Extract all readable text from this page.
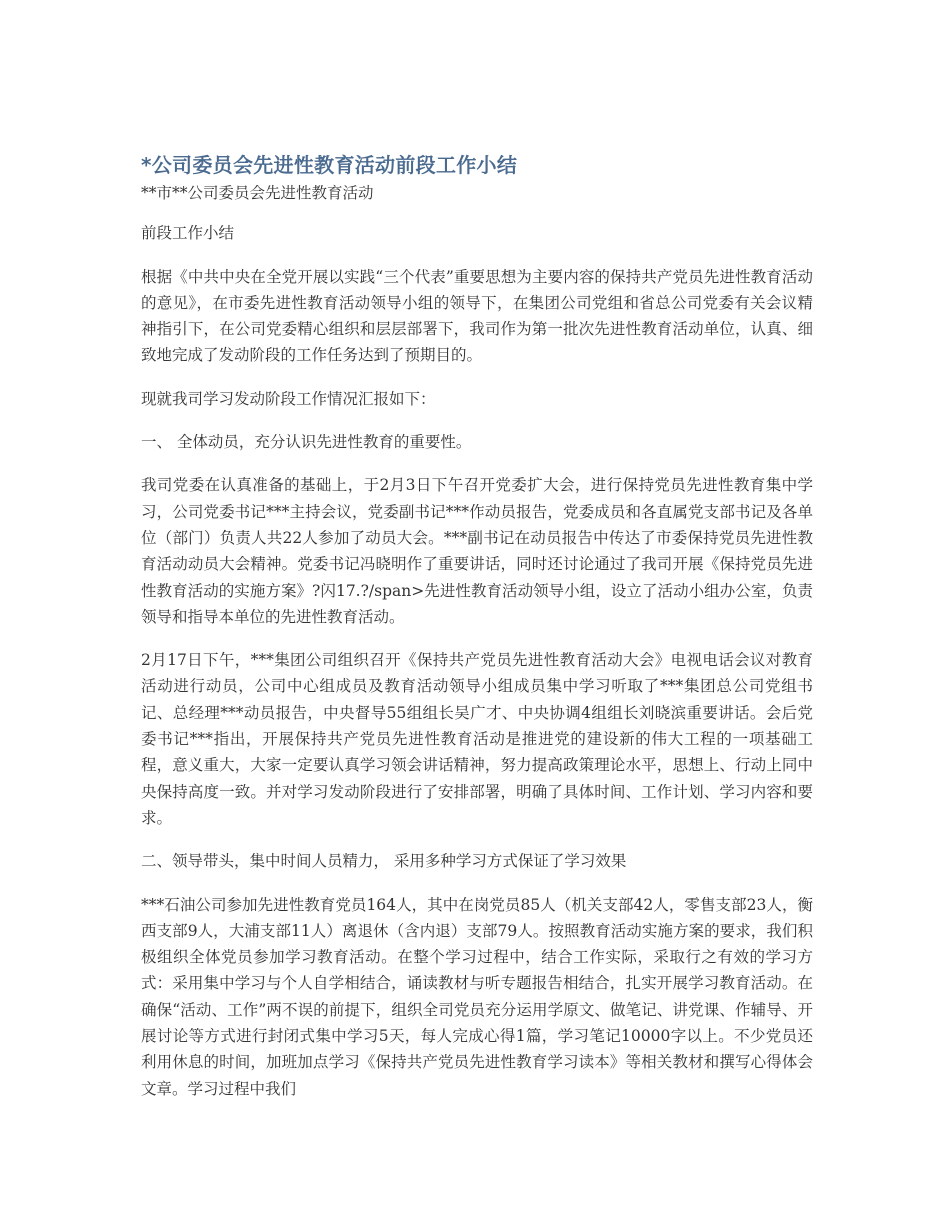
*公司委员会先进性教育活动前段工作小结

**市**公司委员会先进性教育活动

前段工作小结

根据《中共中央在全党开展以实践“三个代表”重要思想为主要内容的保持共产党员先进性教育活动的意见》，在市委先进性教育活动领导小组的领导下，在集团公司党组和省总公司党委有关会议精神指引下，在公司党委精心组织和层层部署下，我司作为第一批次先进性教育活动单位，认真、细致地完成了发动阶段的工作任务达到了预期目的。

现就我司学习发动阶段工作情况汇报如下：

一、 全体动员，充分认识先进性教育的重要性。

我司党委在认真准备的基础上，于2月3日下午召开党委扩大会，进行保持党员先进性教育集中学习，公司党委书记***主持会议，党委副书记***作动员报告，党委成员和各直属党支部书记及各单位（部门）负责人共22人参加了动员大会。***副书记在动员报告中传达了市委保持党员先进性教育活动动员大会精神。党委书记冯晓明作了重要讲话，同时还讨论通过了我司开展《保持党员先进性教育活动的实施方案》?闪17.?/span>先进性教育活动领导小组，设立了活动小组办公室，负责领导和指导本单位的先进性教育活动。

2月17日下午，***集团公司组织召开《保持共产党员先进性教育活动大会》电视电话会议对教育活动进行动员，公司中心组成员及教育活动领导小组成员集中学习听取了***集团总公司党组书记、总经理***动员报告，中央督导55组组长吴广才、中央协调4组组长刘晓滨重要讲话。会后党委书记***指出，开展保持共产党员先进性教育活动是推进党的建设新的伟大工程的一项基础工程，意义重大，大家一定要认真学习领会讲话精神，努力提高政策理论水平，思想上、行动上同中央保持高度一致。并对学习发动阶段进行了安排部署，明确了具体时间、工作计划、学习内容和要求。

二、领导带头，集中时间人员精力， 采用多种学习方式保证了学习效果

***石油公司参加先进性教育党员164人，其中在岗党员85人（机关支部42人，零售支部23人，衡西支部9人，大浦支部11人）离退休（含内退）支部79人。按照教育活动实施方案的要求，我们积极组织全体党员参加学习教育活动。在整个学习过程中，结合工作实际，采取行之有效的学习方式：采用集中学习与个人自学相结合，诵读教材与听专题报告相结合，扎实开展学习教育活动。在确保“活动、工作”两不误的前提下，组织全司党员充分运用学原文、做笔记、讲党课、作辅导、开展讨论等方式进行封闭式集中学习5天，每人完成心得1篇，学习笔记10000字以上。不少党员还利用休息的时间，加班加点学习《保持共产党员先进性教育学习读本》等相关教材和撰写心得体会文章。学习过程中我们
